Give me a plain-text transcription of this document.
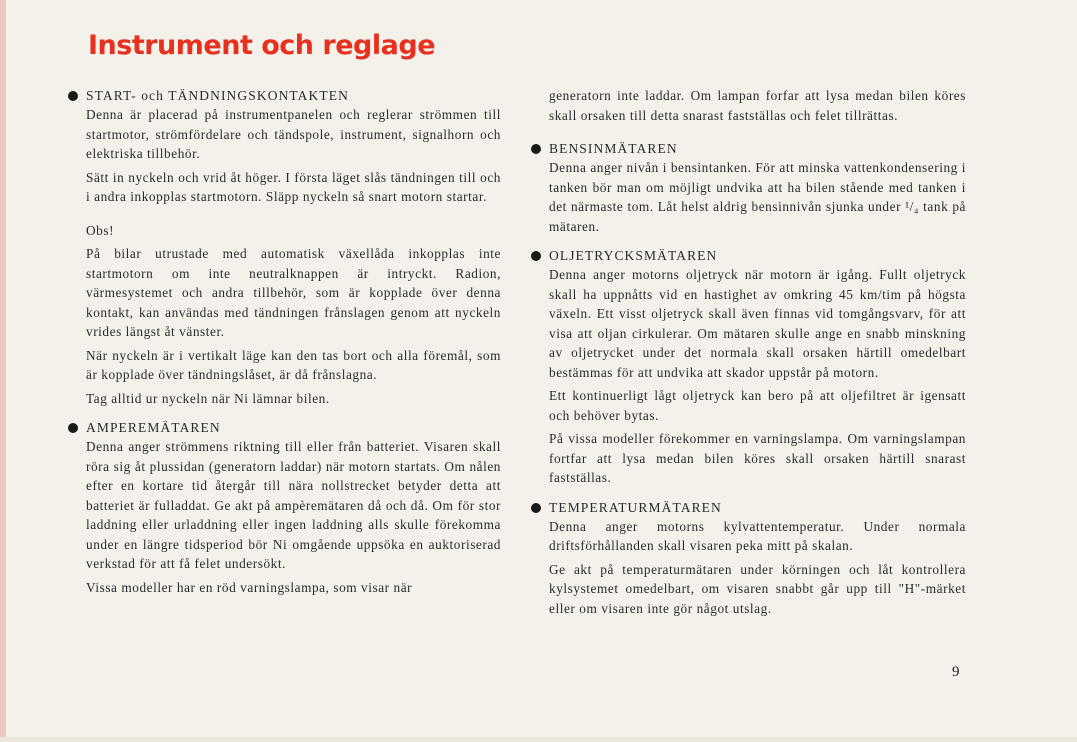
Instrument och reglage
START- och TÄNDNINGSKONTAKTEN

Denna är placerad på instrumentpanelen och reglerar strömmen till startmotor, strömfördelare och tändspole, instrument, signalhorn och elektriska tillbehör.

Sätt in nyckeln och vrid åt höger. I första läget slås tändningen till och i andra inkopplas startmotorn. Släpp nyckeln så snart motorn startar.

Obs!

På bilar utrustade med automatisk växellåda inkopplas inte startmotorn om inte neutralknappen är intryckt. Radion, värmesystemet och andra tillbehör, som är kopplade över denna kontakt, kan användas med tändningen frånslagen genom att nyckeln vrides längst åt vänster.

När nyckeln är i vertikalt läge kan den tas bort och alla föremål, som är kopplade över tändningslåset, är då frånslagna.

Tag alltid ur nyckeln när Ni lämnar bilen.

AMPEREMÄTAREN

Denna anger strömmens riktning till eller från batteriet. Visaren skall röra sig åt plussidan (generatorn laddar) när motorn startats. Om nålen efter en kortare tid återgår till nära nollstrecket betyder detta att batteriet är fulladdat. Ge akt på ampèremätaren då och då. Om för stor laddning eller urladdning eller ingen laddning alls skulle förekomma under en längre tidsperiod bör Ni omgående uppsöka en auktoriserad verkstad för att få felet undersökt.

Vissa modeller har en röd varningslampa, som visar när

generatorn inte laddar. Om lampan forfar att lysa medan bilen köres skall orsaken till detta snarast fastställas och felet tillrättas.

BENSINMÄTAREN

Denna anger nivån i bensintanken. För att minska vattenkondensering i tanken bör man om möjligt undvika att ha bilen stående med tanken i det närmaste tom. Låt helst aldrig bensinnivån sjunka under ¹/₄ tank på mätaren.

OLJETRYCKSMÄTAREN

Denna anger motorns oljetryck när motorn är igång. Fullt oljetryck skall ha uppnåtts vid en hastighet av omkring 45 km/tim på högsta växeln. Ett visst oljetryck skall även finnas vid tomgångsvarv, för att visa att oljan cirkulerar. Om mätaren skulle ange en snabb minskning av oljetrycket under det normala skall orsaken härtill omedelbart bestämmas för att undvika att skador uppstår på motorn.

Ett kontinuerligt lågt oljetryck kan bero på att oljefiltret är igensatt och behöver bytas.

På vissa modeller förekommer en varningslampa. Om varningslampan fortfar att lysa medan bilen köres skall orsaken härtill snarast fastställas.

TEMPERATURMÄTAREN

Denna anger motorns kylvattentemperatur. Under normala driftsförhållanden skall visaren peka mitt på skalan.

Ge akt på temperaturmätaren under körningen och låt kontrollera kylsystemet omedelbart, om visaren snabbt går upp till "H"-märket eller om visaren inte gör något utslag.

9
